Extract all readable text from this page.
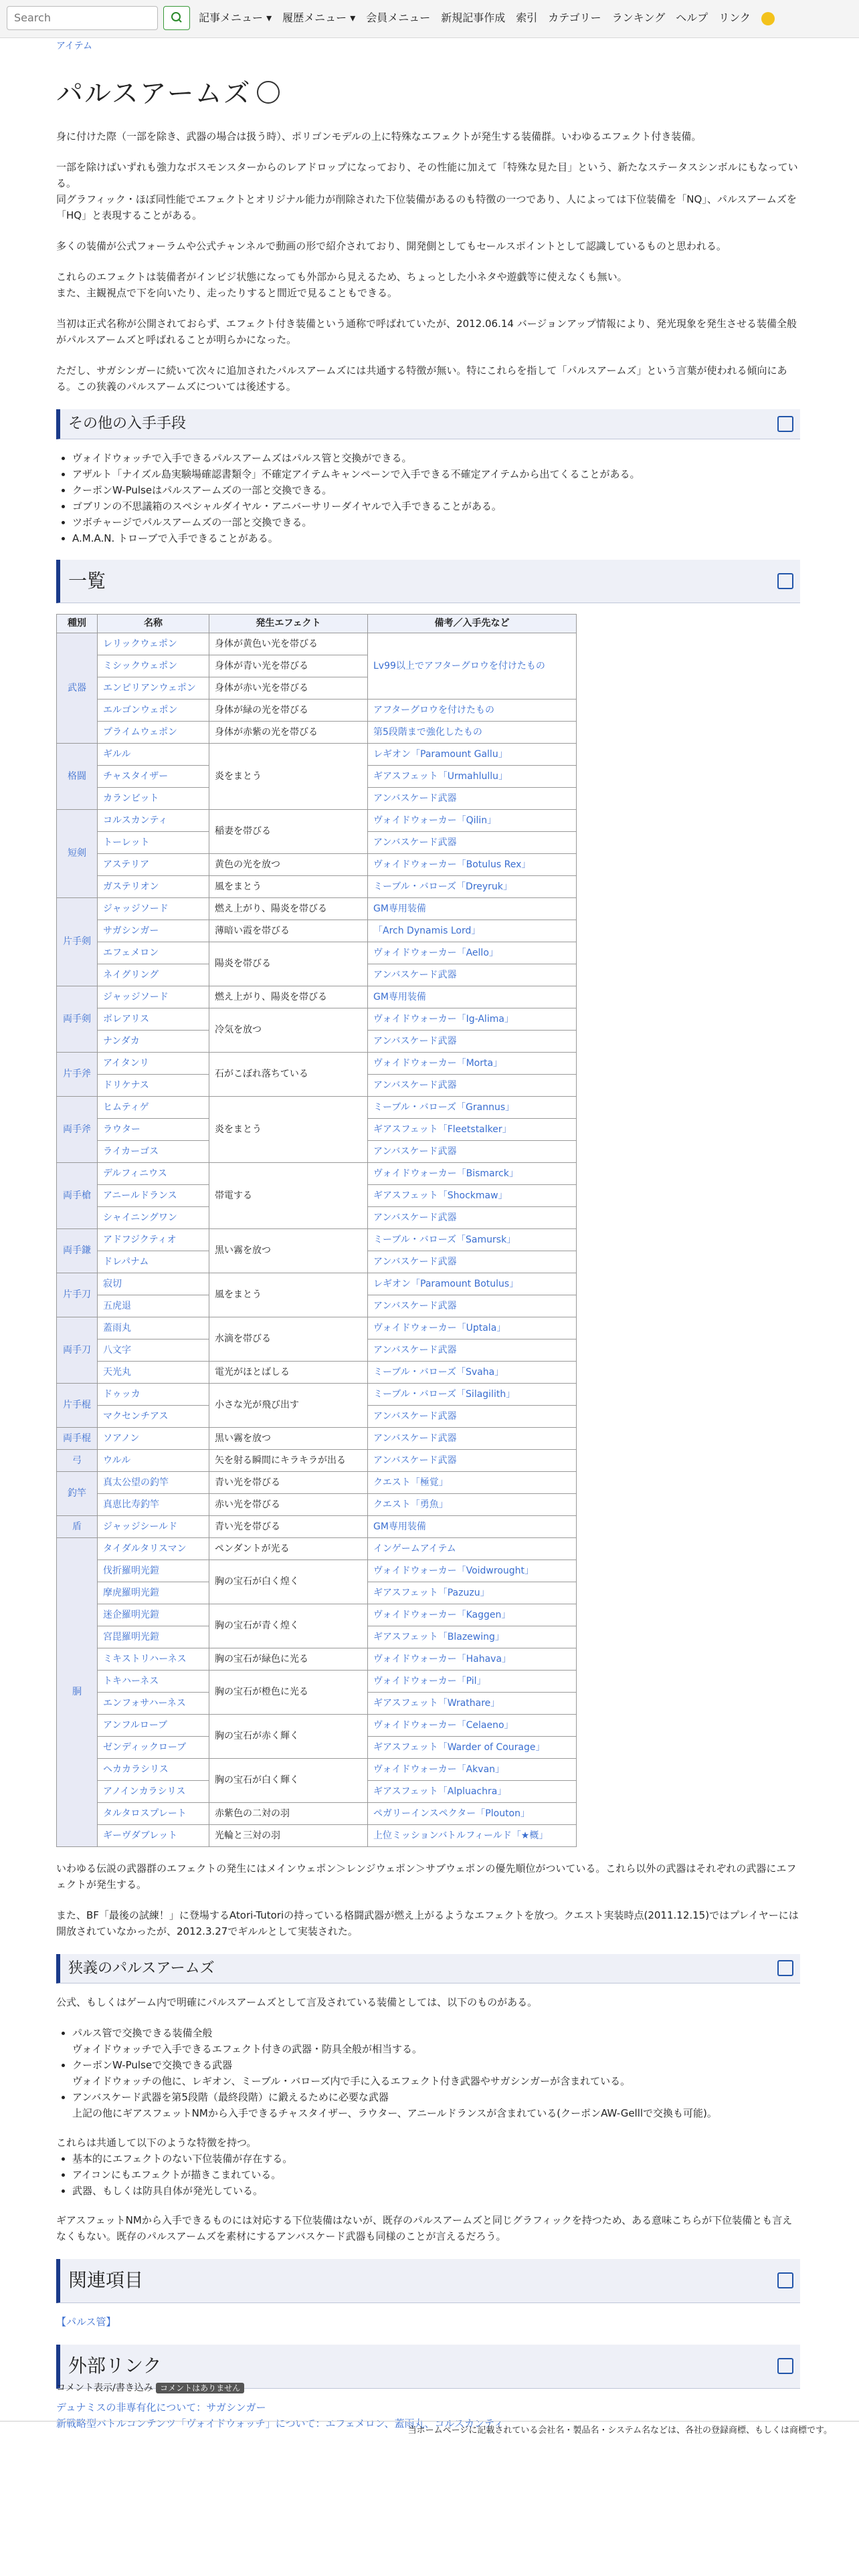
Search	記事メニュー ▾ 履歴メニュー ▾ 会員メニュー 新規記事作成 索引 カテゴリー ランキング ヘルプ リンク
アイテム
パルスアームズ

身に付けた際（一部を除き、武器の場合は扱う時）、ポリゴンモデルの上に特殊なエフェクトが発生する装備群。いわゆるエフェクト付き装備。

一部を除けばいずれも強力なボスモンスターからのレアドロップになっており、その性能に加えて「特殊な見た目」という、新たなステータスシンボルにもなっている。
同グラフィック・ほぼ同性能でエフェクトとオリジナル能力が削除された下位装備があるのも特徴の一つであり、人によっては下位装備を「NQ」、パルスアームズを「HQ」と表現することがある。

多くの装備が公式フォーラムや公式チャンネルで動画の形で紹介されており、開発側としてもセールスポイントとして認識しているものと思われる。

これらのエフェクトは装備者がインビジ状態になっても外部から見えるため、ちょっとした小ネタや遊戯等に使えなくも無い。
また、主観視点で下を向いたり、走ったりすると間近で見ることもできる。

当初は正式名称が公開されておらず、エフェクト付き装備という通称で呼ばれていたが、2012.06.14 バージョンアップ情報により、発光現象を発生させる装備全般がパルスアームズと呼ばれることが明らかになった。

ただし、サガシンガーに続いて次々に追加されたパルスアームズには共通する特徴が無い。特にこれらを指して「パルスアームズ」という言葉が使われる傾向にある。この狭義のパルスアームズについては後述する。

その他の入手手段
• ヴォイドウォッチで入手できるパルスアームズはパルス管と交換ができる。
• アザルト「ナイズル島実験場確認書類令」不確定アイテムキャンペーンで入手できる不確定アイテムから出てくることがある。
• クーポンW-Pulseはパルスアームズの一部と交換できる。
• ゴブリンの不思議箱のスペシャルダイヤル・アニバーサリーダイヤルで入手できることがある。
• ツボチャージでパルスアームズの一部と交換できる。
• A.M.A.N. トローブで入手できることがある。
一覧
種別	名称	発生エフェクト	備考／入手先など
武器	レリックウェポン	身体が黄色い光を帯びる	Lv99以上でアフターグロウを付けたもの
	ミシックウェポン	身体が青い光を帯びる	
	エンピリアンウェポン	身体が赤い光を帯びる	
	エルゴンウェポン	身体が緑の光を帯びる	アフターグロウを付けたもの
	プライムウェポン	身体が赤紫の光を帯びる	第5段階まで強化したもの
格闘	ギルル	炎をまとう	レギオン「Paramount Gallu」
	チャスタイザー		ギアスフェット「Urmahlullu」
	カランビット		アンバスケード武器
短剣	コルスカンティ	稲妻を帯びる	ヴォイドウォーカー「Qilin」
	トーレット		アンバスケード武器
	アステリア	黄色の光を放つ	ヴォイドウォーカー「Botulus Rex」
	ガステリオン	風をまとう	ミーブル・バローズ「Dreyruk」
片手剣	ジャッジソード	燃え上がり、陽炎を帯びる	GM専用装備
	サガシンガー	薄暗い霞を帯びる	「Arch Dynamis Lord」
	エフェメロン	陽炎を帯びる	ヴォイドウォーカー「Aello」
	ネイグリング		アンバスケード武器
両手剣	ジャッジソード	燃え上がり、陽炎を帯びる	GM専用装備
	ボレアリス	冷気を放つ	ヴォイドウォーカー「Ig-Alima」
	ナンダカ		アンバスケード武器
片手斧	アイタンリ	石がこぼれ落ちている	ヴォイドウォーカー「Morta」
	ドリケナス		アンバスケード武器
両手斧	ヒムティゲ	炎をまとう	ミーブル・バローズ「Grannus」
	ラウター		ギアスフェット「Fleetstalker」
	ライカーゴス		アンバスケード武器
両手槍	デルフィニウス	帯電する	ヴォイドウォーカー「Bismarck」
	アニールドランス		ギアスフェット「Shockmaw」
	シャイニングワン		アンバスケード武器
両手鎌	アドフジクティオ	黒い霧を放つ	ミーブル・バローズ「Samursk」
	ドレパナム		アンバスケード武器
片手刀	寂切	風をまとう	レギオン「Paramount Botulus」
	五虎退		アンバスケード武器
両手刀	蓋雨丸	水滴を帯びる	ヴォイドウォーカー「Uptala」
	八文字		アンバスケード武器
	天光丸	電光がほとばしる	ミーブル・バローズ「Svaha」
片手棍	ドゥッカ	小さな光が飛び出す	ミーブル・バローズ「Silagilith」
	マクセンチアス		アンバスケード武器
両手棍	ソアノン	黒い霧を放つ	アンバスケード武器
弓	ウルル	矢を射る瞬間にキラキラが出る	アンバスケード武器
釣竿	真太公望の釣竿	青い光を帯びる	クエスト「極覚」
	真恵比寿釣竿	赤い光を帯びる	クエスト「勇魚」
盾	ジャッジシールド	青い光を帯びる	GM専用装備
胴	タイダルタリスマン	ペンダントが光る	インゲームアイテム
	伐折羅明光鎧	胸の宝石が白く煌く	ヴォイドウォーカー「Voidwrought」
	摩虎羅明光鎧		ギアスフェット「Pazuzu」
	迷企羅明光鎧	胸の宝石が青く煌く	ヴォイドウォーカー「Kaggen」
	宮毘羅明光鎧		ギアスフェット「Blazewing」
	ミキストリハーネス	胸の宝石が緑色に光る	ヴォイドウォーカー「Hahava」
	トキハーネス	胸の宝石が橙色に光る	ヴォイドウォーカー「Pil」
	エンフォサハーネス		ギアスフェット「Wrathare」
	アンフルローブ	胸の宝石が赤く輝く	ヴォイドウォーカー「Celaeno」
	ゼンディックローブ		ギアスフェット「Warder of Courage」
	ヘカカラシリス	胸の宝石が白く輝く	ヴォイドウォーカー「Akvan」
	アノインカラシリス		ギアスフェット「Alpluachra」
	タルタロスプレート	赤紫色の二対の羽	ペガリーインスペクター「Plouton」
	ギーヴダブレット	光輪と三対の羽	上位ミッションバトルフィールド「★概」

いわゆる伝説の武器群のエフェクトの発生にはメインウェポン＞レンジウェポン＞サブウェポンの優先順位がついている。これら以外の武器はそれぞれの武器にエフェクトが発生する。

また、BF「最後の試練！」に登場するAtori-Tutoriの持っている格闘武器が燃え上がるようなエフェクトを放つ。クエスト実装時点(2011.12.15)ではプレイヤーには開放されていなかったが、2012.3.27でギルルとして実装された。

狭義のパルスアームズ

公式、もしくはゲーム内で明確にパルスアームズとして言及されている装備としては、以下のものがある。

• パルス管で交換できる装備全般
ヴォイドウォッチで入手できるエフェクト付きの武器・防具全般が相当する。
• クーポンW-Pulseで交換できる武器
ヴォイドウォッチの他に、レギオン、ミーブル・バローズ内で手に入るエフェクト付き武器やサガシンガーが含まれている。
• アンバスケード武器を第5段階（最終段階）に鍛えるために必要な武器
上記の他にギアスフェットNMから入手できるチャスタイザー、ラウター、アニールドランスが含まれている(クーポンAW-Gelllで交換も可能)。
これらは共通して以下のような特徴を持つ。
• 基本的にエフェクトのない下位装備が存在する。
• アイコンにもエフェクトが描きこまれている。
• 武器、もしくは防具自体が発光している。

ギアスフェットNMから入手できるものには対応する下位装備はないが、既存のパルスアームズと同じグラフィックを持つため、ある意味こちらが下位装備とも言えなくもない。既存のパルスアームズを素材にするアンバスケード武器も同様のことが言えるだろう。

関連項目

【パルス管】

外部リンク
デュナミスの非専有化について：サガシンガー
新戦略型バトルコンテンツ「ヴォイドウォッチ」について：エフェメロン、蓋雨丸、コルスカンティ
コメント表示/書き込み コメントはありません
当ホームページに記載されている会社名・製品名・システム名などは、各社の登録商標、もしくは商標です。
